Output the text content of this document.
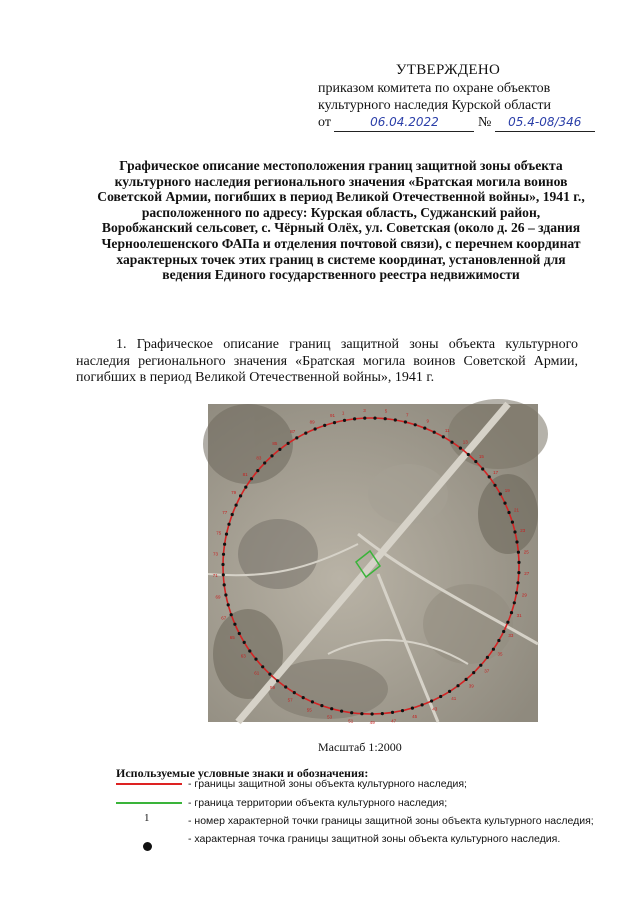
УТВЕРЖДЕНО
приказом комитета по охране объектов
культурного наследия Курской области
от	06.04.2022	№ 05.4-08/346
Графическое описание местоположения границ защитной зоны объекта культурного наследия регионального значения «Братская могила воинов Советской Армии, погибших в период Великой Отечественной войны», 1941 г., расположенного по адресу: Курская область, Суджанский район, Воробжанский сельсовет, с. Чёрный Олёх, ул. Советская (около д. 26 – здания Черноолешенского ФАПа и отделения почтовой связи), с перечнем координат характерных точек этих границ в системе координат, установленной для ведения Единого государственного реестра недвижимости
1. Графическое описание границ защитной зоны объекта культурного наследия регионального значения «Братская могила воинов Советской Армии, погибших в период Великой Отечественной войны», 1941 г.
1	3	5
7
9
11
13
15
17
19
21
23
25
27
29
31
33
35
37
39
41
43
45
47
49
51
53
55
57
59
61
63
65
67
69
71
73
75
77
79
81
83
85
87
89
91
Масштаб 1:2000
Используемые условные знаки и обозначения:
- границы защитной зоны объекта культурного наследия;
- граница территории объекта культурного наследия;
1	- номер характерной точки границы защитной зоны объекта культурного наследия;
- характерная точка границы защитной зоны объекта культурного наследия.
